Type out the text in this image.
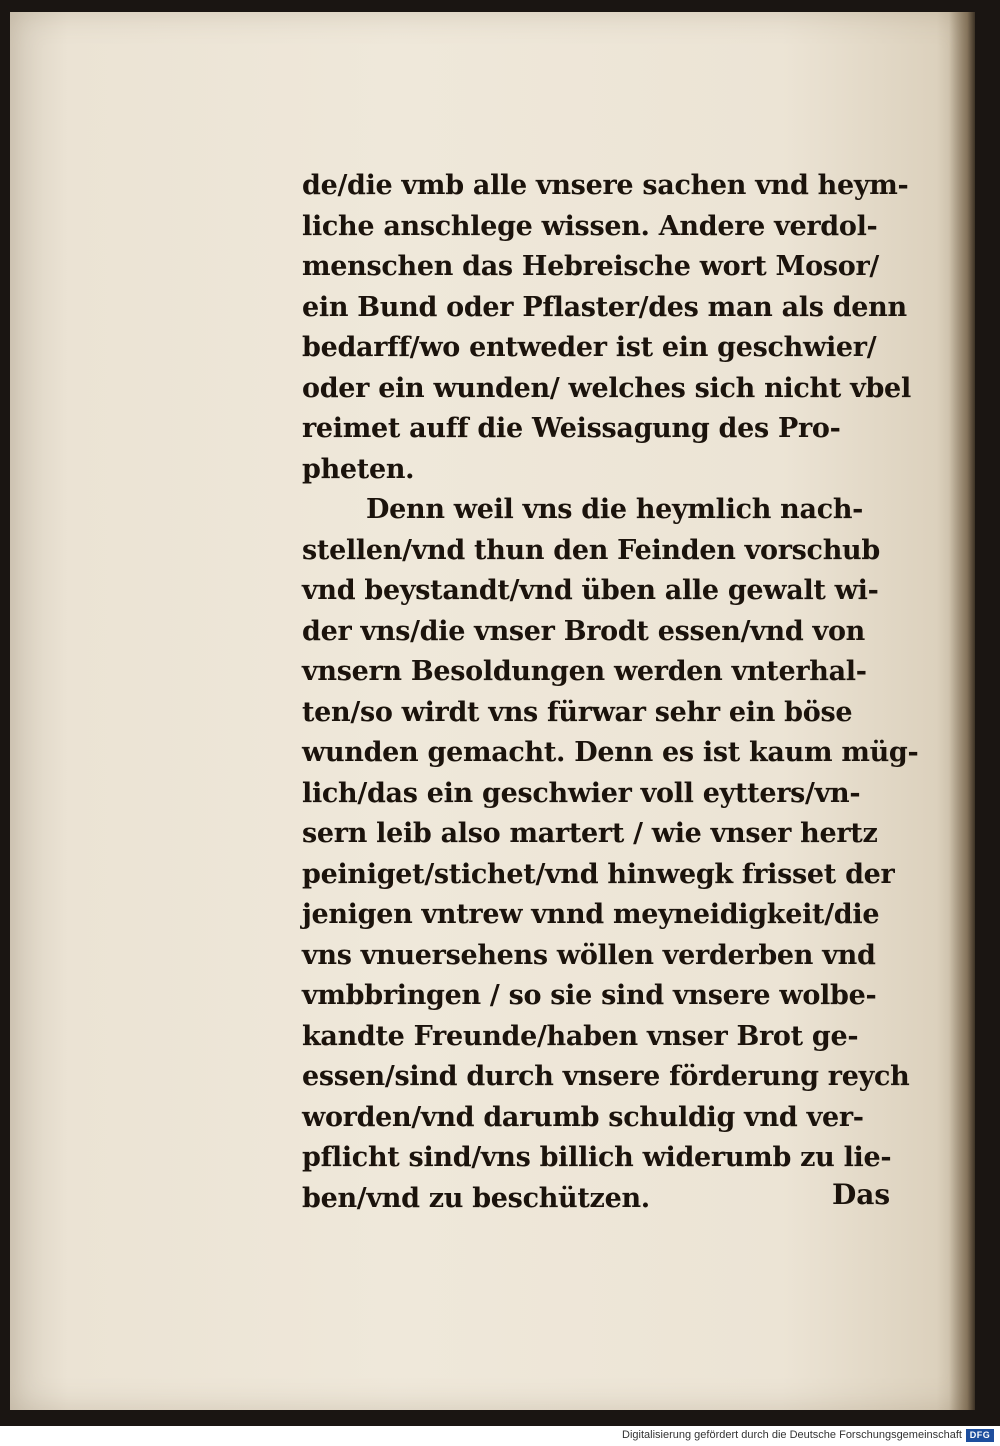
de/die vmb alle vnsere sachen vnd heym-
liche anschlege wissen. Andere verdol-
menschen das Hebreische wort Mosor/
ein Bund oder Pflaster/des man als denn
bedarff/wo entweder ist ein geschwier/
oder ein wunden/ welches sich nicht vbel
reimet auff die Weissagung des Pro-
pheten.
Denn weil vns die heymlich nach-
stellen/vnd thun den Feinden vorschub
vnd beystandt/vnd üben alle gewalt wi-
der vns/die vnser Brodt essen/vnd von
vnsern Besoldungen werden vnterhal-
ten/so wirdt vns fürwar sehr ein böse
wunden gemacht. Denn es ist kaum müg-
lich/das ein geschwier voll eytters/vn-
sern leib also martert / wie vnser hertz
peiniget/stichet/vnd hinwegk frisset der
jenigen vntrew vnnd meyneidigkeit/die
vns vnuersehens wöllen verderben vnd
vmbbringen / so sie sind vnsere wolbe-
kandte Freunde/haben vnser Brot ge-
essen/sind durch vnsere förderung reych
worden/vnd darumb schuldig vnd ver-
pflicht sind/vns billich widerumb zu lie-
ben/vnd zu beschützen.	Das
Digitalisierung gefördert durch die Deutsche Forschungsgemeinschaft DFG
